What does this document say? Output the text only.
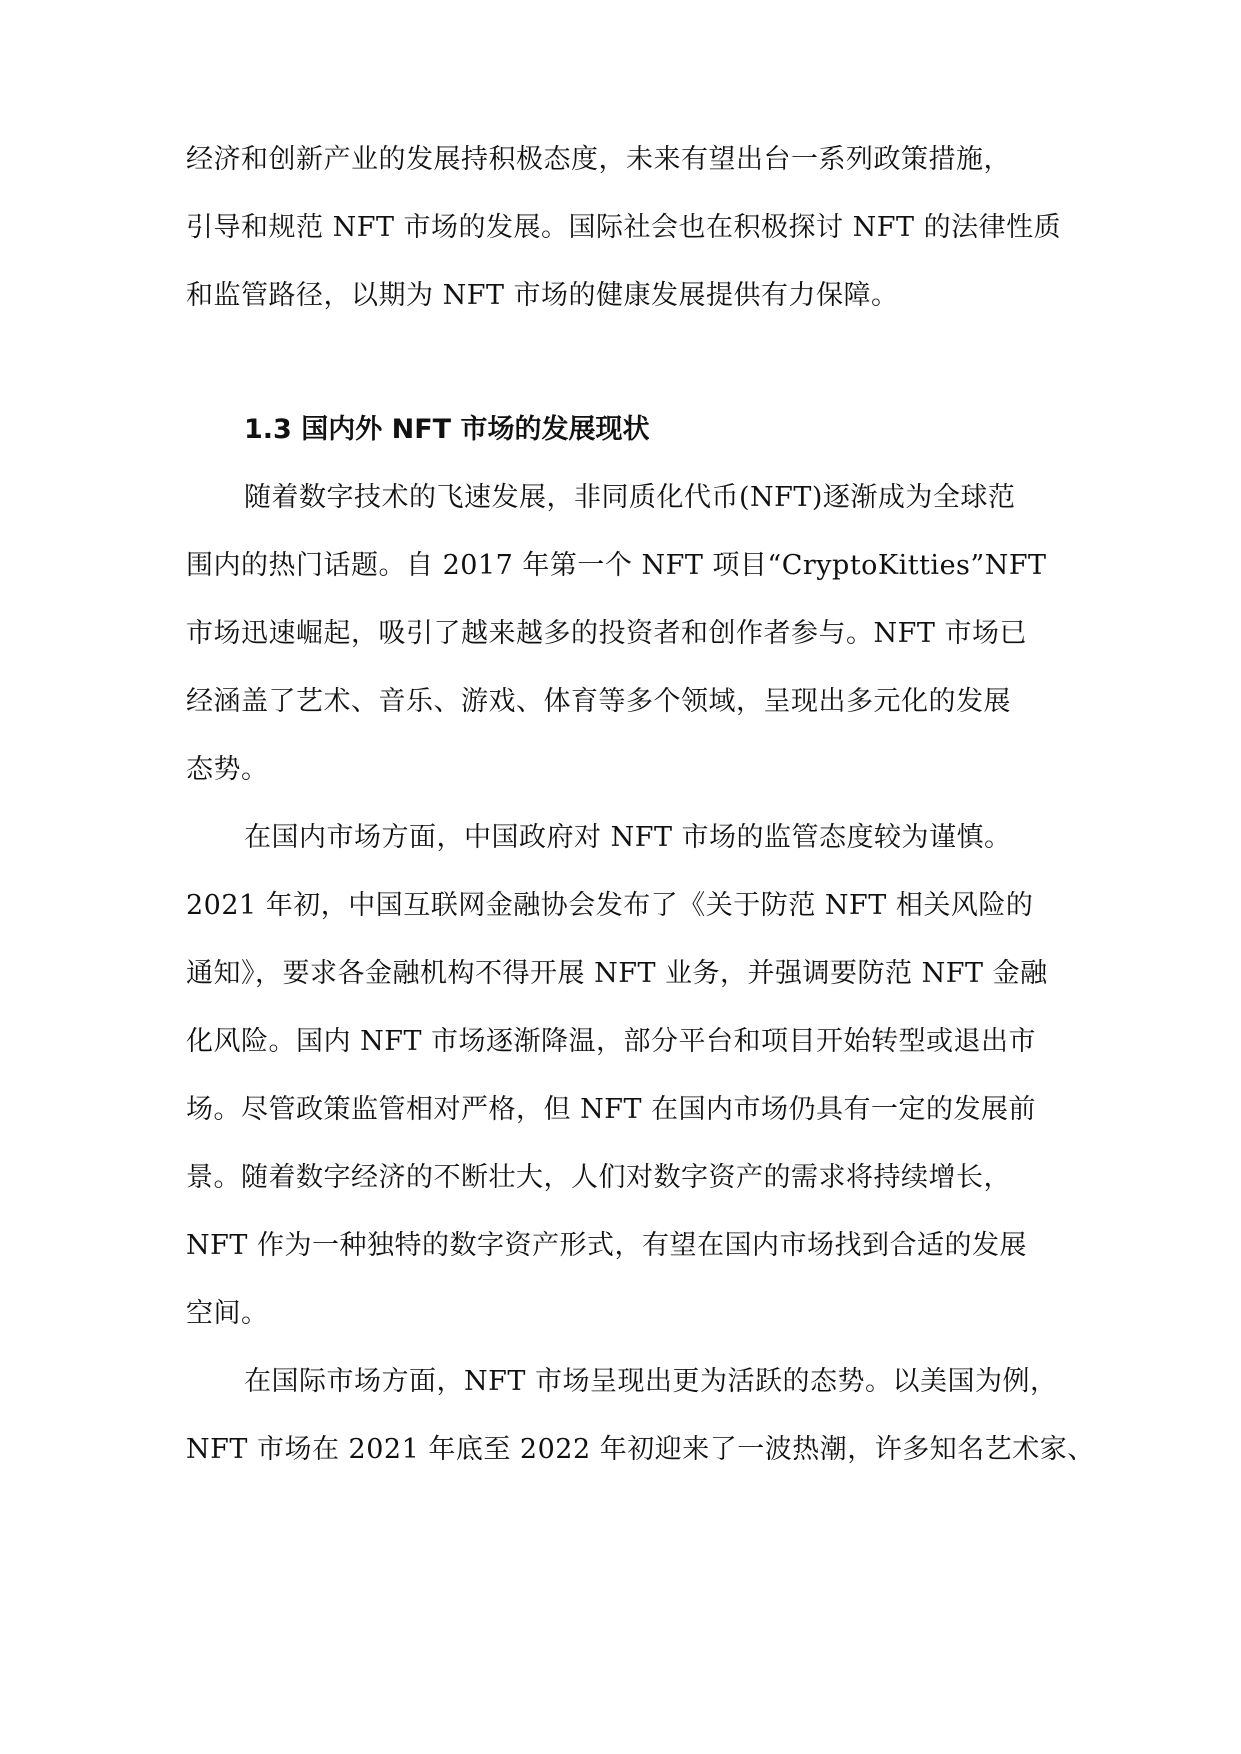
经济和创新产业的发展持积极态度，未来有望出台一系列政策措施，
引导和规范 NFT 市场的发展。国际社会也在积极探讨 NFT 的法律性质
和监管路径，以期为 NFT 市场的健康发展提供有力保障。
1.3 国内外 NFT 市场的发展现状
随着数字技术的飞速发展，非同质化代币(NFT)逐渐成为全球范
围内的热门话题。自 2017 年第一个 NFT 项目“CryptoKitties”NFT
市场迅速崛起，吸引了越来越多的投资者和创作者参与。NFT 市场已
经涵盖了艺术、音乐、游戏、体育等多个领域，呈现出多元化的发展
态势。
在国内市场方面，中国政府对 NFT 市场的监管态度较为谨慎。
2021 年初，中国互联网金融协会发布了《关于防范 NFT 相关风险的
通知》，要求各金融机构不得开展 NFT 业务，并强调要防范 NFT 金融
化风险。国内 NFT 市场逐渐降温，部分平台和项目开始转型或退出市
场。尽管政策监管相对严格，但 NFT 在国内市场仍具有一定的发展前
景。随着数字经济的不断壮大，人们对数字资产的需求将持续增长，
NFT 作为一种独特的数字资产形式，有望在国内市场找到合适的发展
空间。
在国际市场方面，NFT 市场呈现出更为活跃的态势。以美国为例，
NFT 市场在 2021 年底至 2022 年初迎来了一波热潮，许多知名艺术家、
